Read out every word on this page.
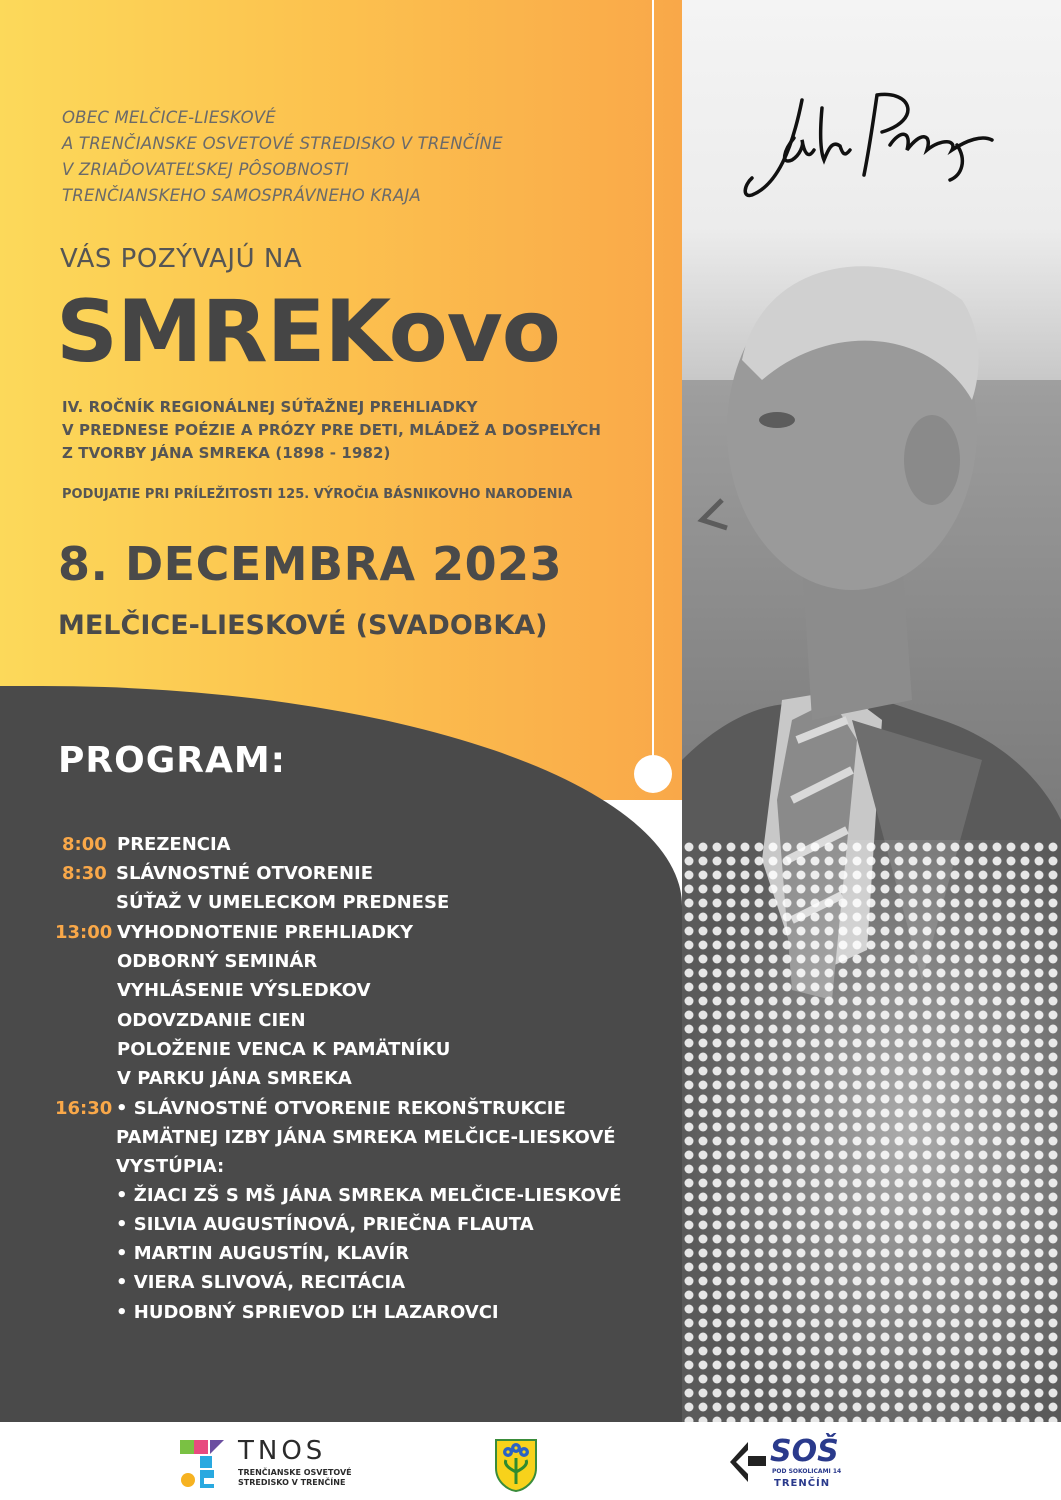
OBEC MELČICE-LIESKOVÉ
A TRENČIANSKE OSVETOVÉ STREDISKO V TRENČÍNE
V ZRIAĎOVATEĽSKEJ PÔSOBNOSTI
TRENČIANSKEHO SAMOSPRÁVNEHO KRAJA
VÁS POZÝVAJÚ NA
SMREKovo
IV. ROČNÍK REGIONÁLNEJ SÚŤAŽNEJ PREHLIADKY
V PREDNESE POÉZIE A PRÓZY PRE DETI, MLÁDEŽ A DOSPELÝCH
Z TVORBY JÁNA SMREKA (1898 - 1982)
PODUJATIE PRI PRÍLEŽITOSTI 125. VÝROČIA BÁSNIKOVHO NARODENIA
8. DECEMBRA 2023
MELČICE-LIESKOVÉ (SVADOBKA)
PROGRAM:
8:00 PREZENCIA
8:30 SLÁVNOSTNÉ OTVORENIE
SÚŤAŽ V UMELECKOM PREDNESE
13:00 VYHODNOTENIE PREHLIADKY
ODBORNÝ SEMINÁR
VYHLÁSENIE VÝSLEDKOV
ODOVZDANIE CIEN
POLOŽENIE VENCA K PAMÄTNÍKU
V PARKU JÁNA SMREKA
16:30 • SLÁVNOSTNÉ OTVORENIE REKONŠTRUKCIE
PAMÄTNEJ IZBY JÁNA SMREKA MELČICE-LIESKOVÉ
VYSTÚPIA:
• ŽIACI ZŠ S MŠ JÁNA SMREKA MELČICE-LIESKOVÉ
• SILVIA AUGUSTÍNOVÁ, PRIEČNA FLAUTA
• MARTIN AUGUSTÍN, KLAVÍR
• VIERA SLIVOVÁ, RECITÁCIA
• HUDOBNÝ SPRIEVOD ĽH LAZAROVCI
TNOS
TRENČIANSKE OSVETOVÉ
STREDISKO V TRENČÍNE
SOŠ
POD SOKOLICAMI 14
TRENČÍN
